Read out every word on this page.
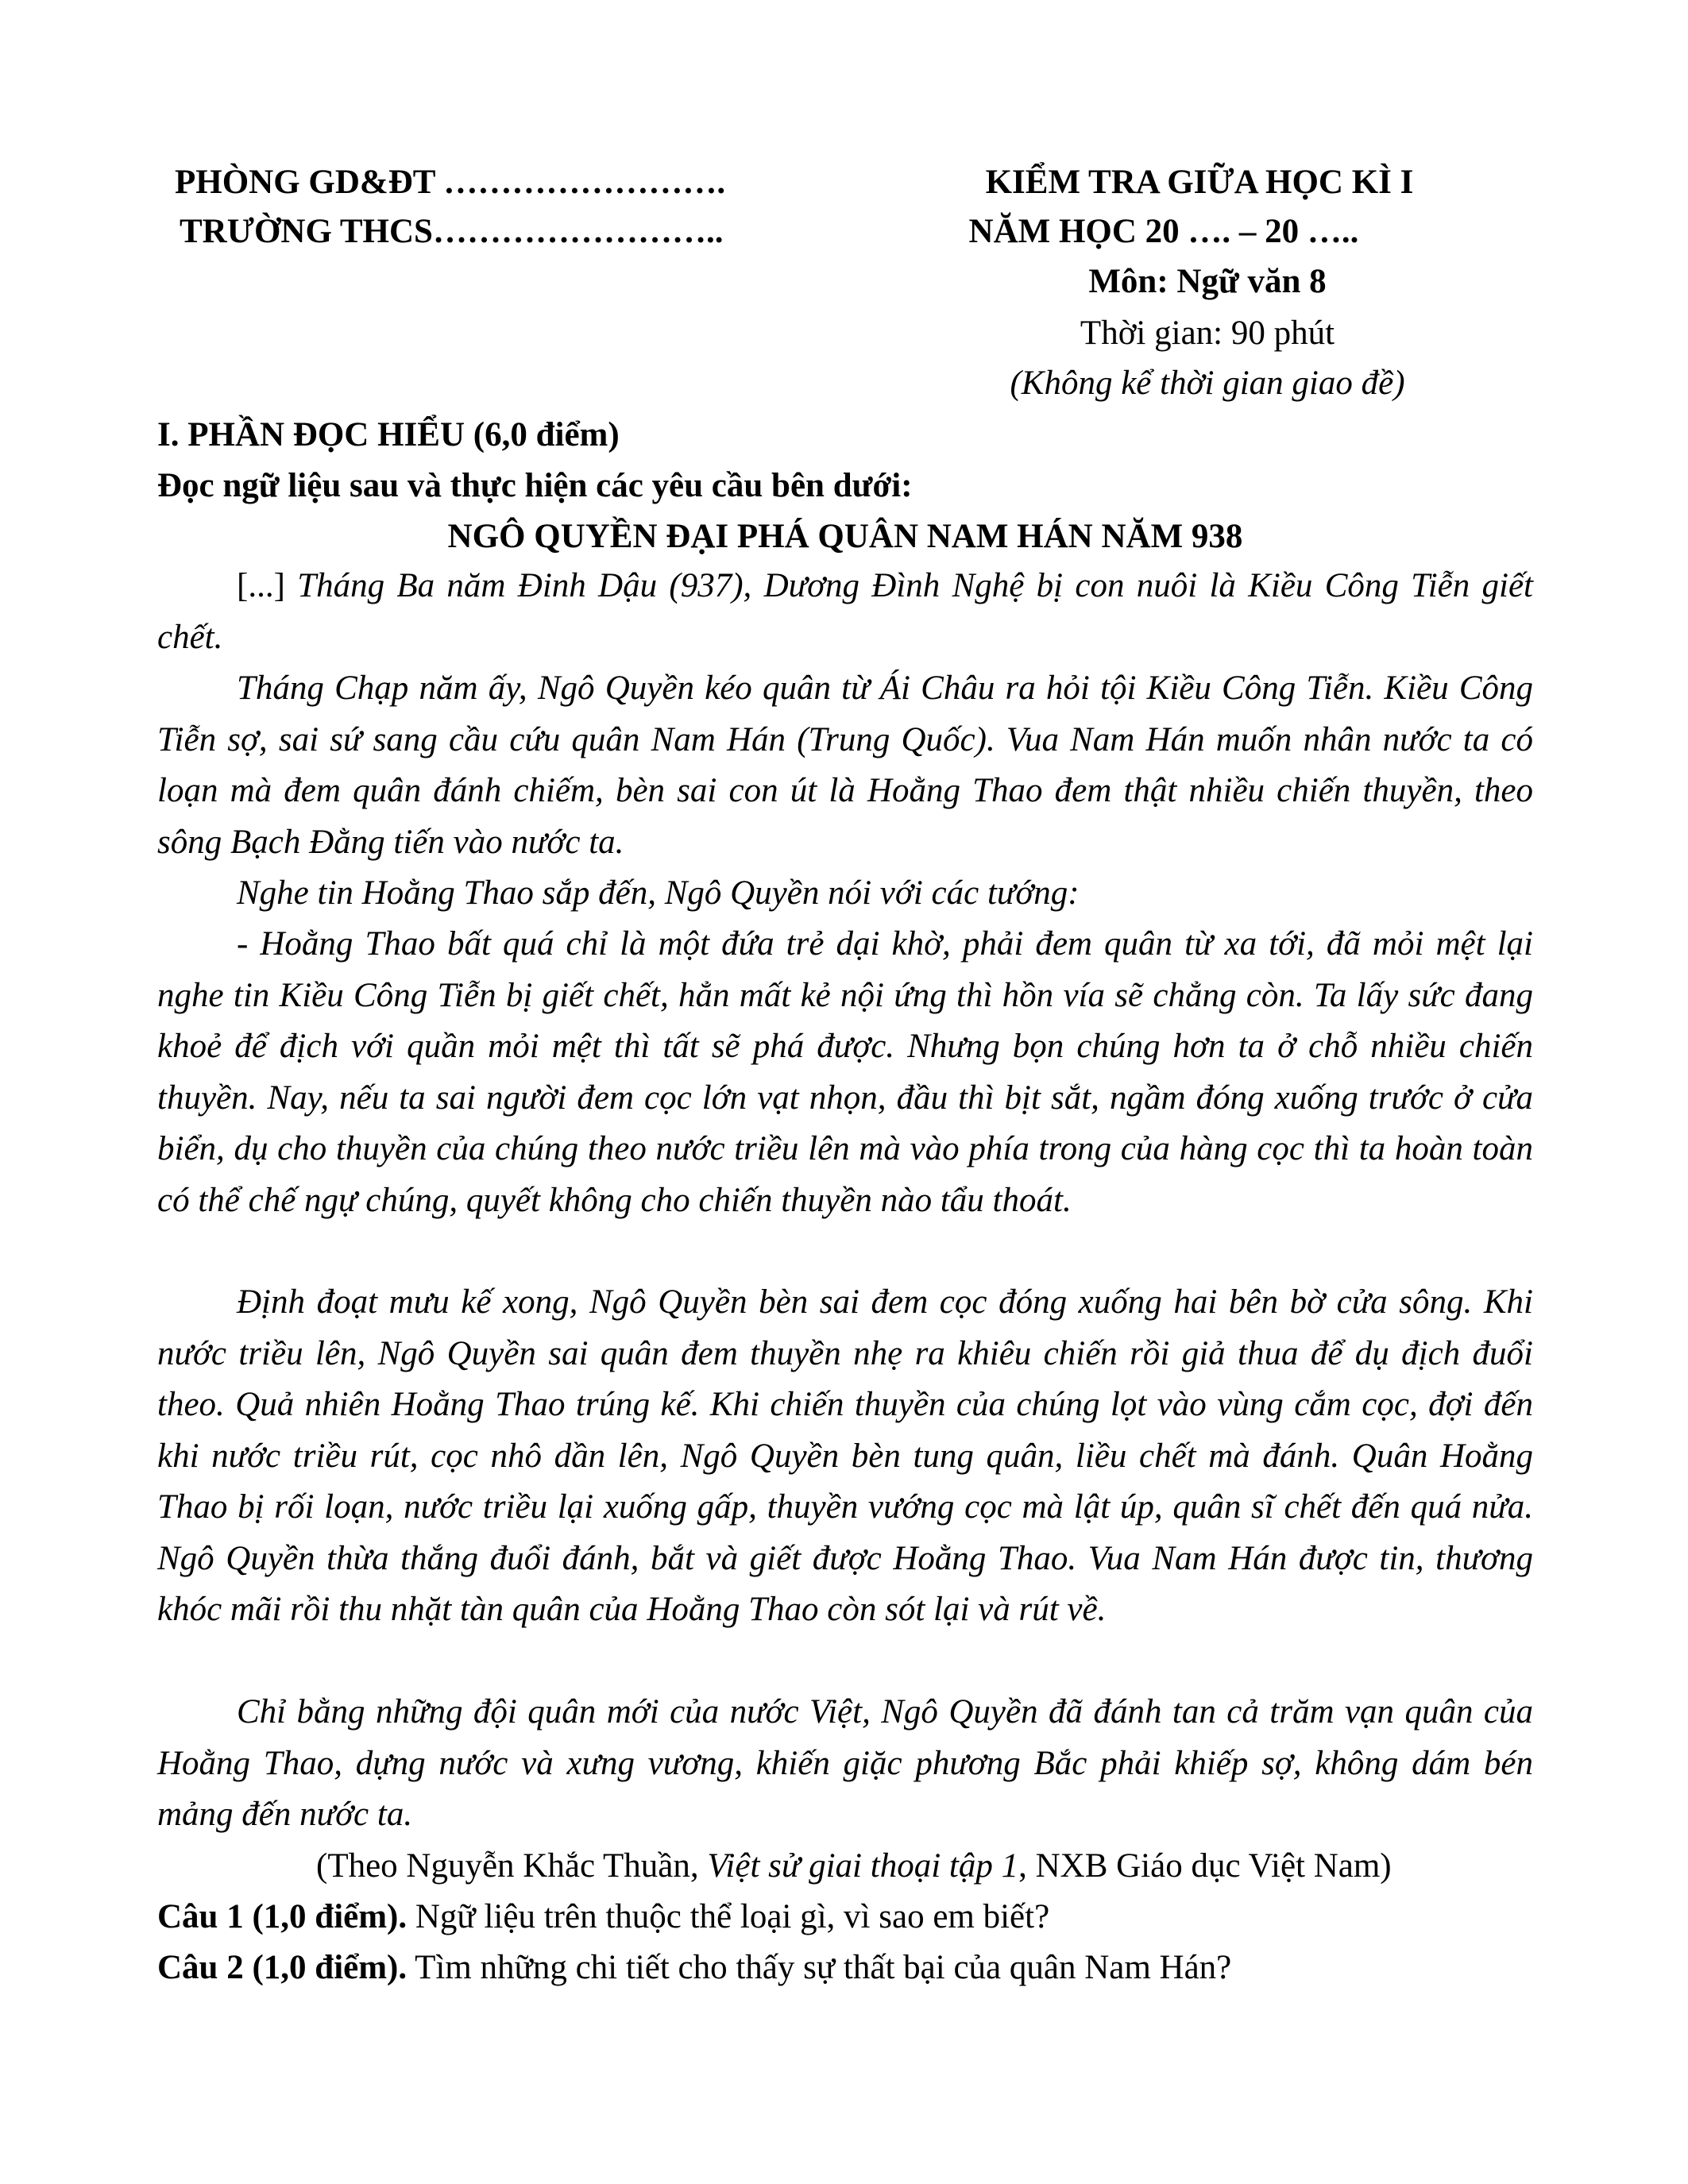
PHÒNG GD&ĐT …………………….
TRƯỜNG THCS……………………..
KIỂM TRA GIỮA HỌC KÌ I
NĂM HỌC 20 …. – 20 …..
Môn: Ngữ văn 8
Thời gian: 90 phút
(Không kể thời gian giao đề)
I. PHẦN ĐỌC HIỂU (6,0 điểm)
Đọc ngữ liệu sau và thực hiện các yêu cầu bên dưới:
NGÔ QUYỀN ĐẠI PHÁ QUÂN NAM HÁN NĂM 938
[...] Tháng Ba năm Đinh Dậu (937), Dương Đình Nghệ bị con nuôi là Kiều Công Tiễn giết chết.
Tháng Chạp năm ấy, Ngô Quyền kéo quân từ Ái Châu ra hỏi tội Kiều Công Tiễn. Kiều Công Tiễn sợ, sai sứ sang cầu cứu quân Nam Hán (Trung Quốc). Vua Nam Hán muốn nhân nước ta có loạn mà đem quân đánh chiếm, bèn sai con út là Hoằng Thao đem thật nhiều chiến thuyền, theo sông Bạch Đằng tiến vào nước ta.
Nghe tin Hoằng Thao sắp đến, Ngô Quyền nói với các tướng:
- Hoằng Thao bất quá chỉ là một đứa trẻ dại khờ, phải đem quân từ xa tới, đã mỏi mệt lại nghe tin Kiều Công Tiễn bị giết chết, hẳn mất kẻ nội ứng thì hồn vía sẽ chẳng còn. Ta lấy sức đang khoẻ để địch với quần mỏi mệt thì tất sẽ phá được. Nhưng bọn chúng hơn ta ở chỗ nhiều chiến thuyền. Nay, nếu ta sai người đem cọc lớn vạt nhọn, đầu thì bịt sắt, ngầm đóng xuống trước ở cửa biển, dụ cho thuyền của chúng theo nước triều lên mà vào phía trong của hàng cọc thì ta hoàn toàn có thể chế ngự chúng, quyết không cho chiến thuyền nào tẩu thoát.
Định đoạt mưu kế xong, Ngô Quyền bèn sai đem cọc đóng xuống hai bên bờ cửa sông. Khi nước triều lên, Ngô Quyền sai quân đem thuyền nhẹ ra khiêu chiến rồi giả thua để dụ địch đuổi theo. Quả nhiên Hoằng Thao trúng kế. Khi chiến thuyền của chúng lọt vào vùng cắm cọc, đợi đến khi nước triều rút, cọc nhô dần lên, Ngô Quyền bèn tung quân, liều chết mà đánh. Quân Hoằng Thao bị rối loạn, nước triều lại xuống gấp, thuyền vướng cọc mà lật úp, quân sĩ chết đến quá nửa. Ngô Quyền thừa thắng đuổi đánh, bắt và giết được Hoằng Thao. Vua Nam Hán được tin, thương khóc mãi rồi thu nhặt tàn quân của Hoằng Thao còn sót lại và rút về.
Chỉ bằng những đội quân mới của nước Việt, Ngô Quyền đã đánh tan cả trăm vạn quân của Hoằng Thao, dựng nước và xưng vương, khiến giặc phương Bắc phải khiếp sợ, không dám bén mảng đến nước ta.
(Theo Nguyễn Khắc Thuần, Việt sử giai thoại tập 1, NXB Giáo dục Việt Nam)
Câu 1 (1,0 điểm). Ngữ liệu trên thuộc thể loại gì, vì sao em biết?
Câu 2 (1,0 điểm). Tìm những chi tiết cho thấy sự thất bại của quân Nam Hán?
